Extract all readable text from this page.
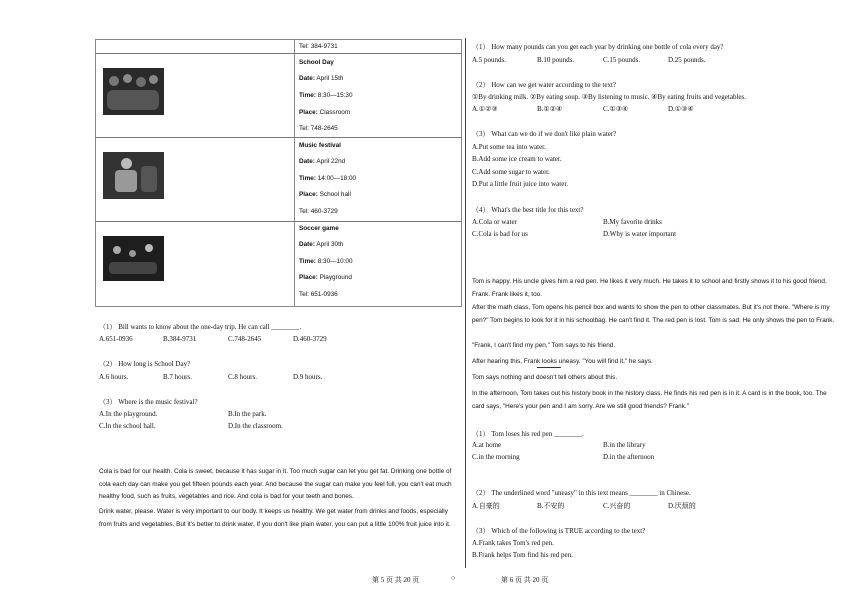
Tel: 384-9731
School Day
Date: April 15th
Time: 8:30—15:30
Place: Classroom
Tel: 748-2645
Music festival
Date: April 22nd
Time: 14:00—18:00
Place: School hall
Tel: 460-3729
Soccer game
Date: April 30th
Time: 8:30—10:00
Place: Playground
Tel: 651-0936
（1） Bill wants to know about the one-day trip. He can call ________.
A.651-0936	B.384-9731	C.748-2645	D.460-3729
（2） How long is School Day?
A.6 hours.	B.7 hours.	C.8 hours.	D.9 hours.
（3） Where is the music festival?
A.In the playground.	B.In the park.
C.In the school hall.	D.In the classroom.
Cola is bad for our health. Cola is sweet, because it has sugar in it. Too much sugar can let you get fat. Drinking one bottle of cola each day can make you get fifteen pounds each year. And because the sugar can make you feel full, you can't eat much healthy food, such as fruits, vegetables and rice. And cola is bad for your teeth and bones.
Drink water, please. Water is very important to our body. It keeps us healthy. We get water from drinks and foods, especially from fruits and vegetables. But it's better to drink water. If you don't like plain water, you can put a little 100% fruit juice into it.
（1） How many pounds can you get each year by drinking one bottle of cola every day?
A.5 pounds.	B.10 pounds.	C.15 pounds.	D.25 pounds.
（2） How can we get water according to the text?
①By drinking milk. ②By eating soup. ③By listening to music. ④By eating fruits and vegetables.
A.①②③	B.①②④	C.①③④	D.①③④
（3） What can we do if we don't like plain water?
A.Put some tea into water.
B.Add some ice cream to water.
C.Add some sugar to water.
D.Put a little fruit juice into water.
（4） What's the best title for this text?
A.Cola or water	B.My favorite drinks
C.Cola is bad for us	D.Why is water important
Tom is happy. His uncle gives him a red pen. He likes it very much. He takes it to school and firstly shows it to his good friend, Frank. Frank likes it, too.
After the math class, Tom opens his pencil box and wants to show the pen to other classmates. But it's not there. "Where is my pen?" Tom begins to look for it in his schoolbag. He can't find it. The red pen is lost. Tom is sad. He only shows the pen to Frank.
"Frank, I can't find my pen," Tom says to his friend.
After hearing this, Frank looks uneasy. "You will find it," he says.
Tom says nothing and doesn't tell others about this.
In the afternoon, Tom takes out his history book in the history class. He finds his red pen is in it. A card is in the book, too. The card says, "Here's your pen and I am sorry. Are we still good friends? Frank."
（1） Tom loses his red pen ________.
A.at home	B.in the library
C.in the morning	D.in the afternoon
（2） The underlined word "uneasy" in this text means ________ in Chinese.
A.自豪的	B.不安的	C.兴奋的	D.厌烦的
（3） Which of the following is TRUE according to the text?
A.Frank takes Tom's red pen.
B.Frank helps Tom find his red pen.
第 5 页 共 20 页	○	第 6 页 共 20 页
